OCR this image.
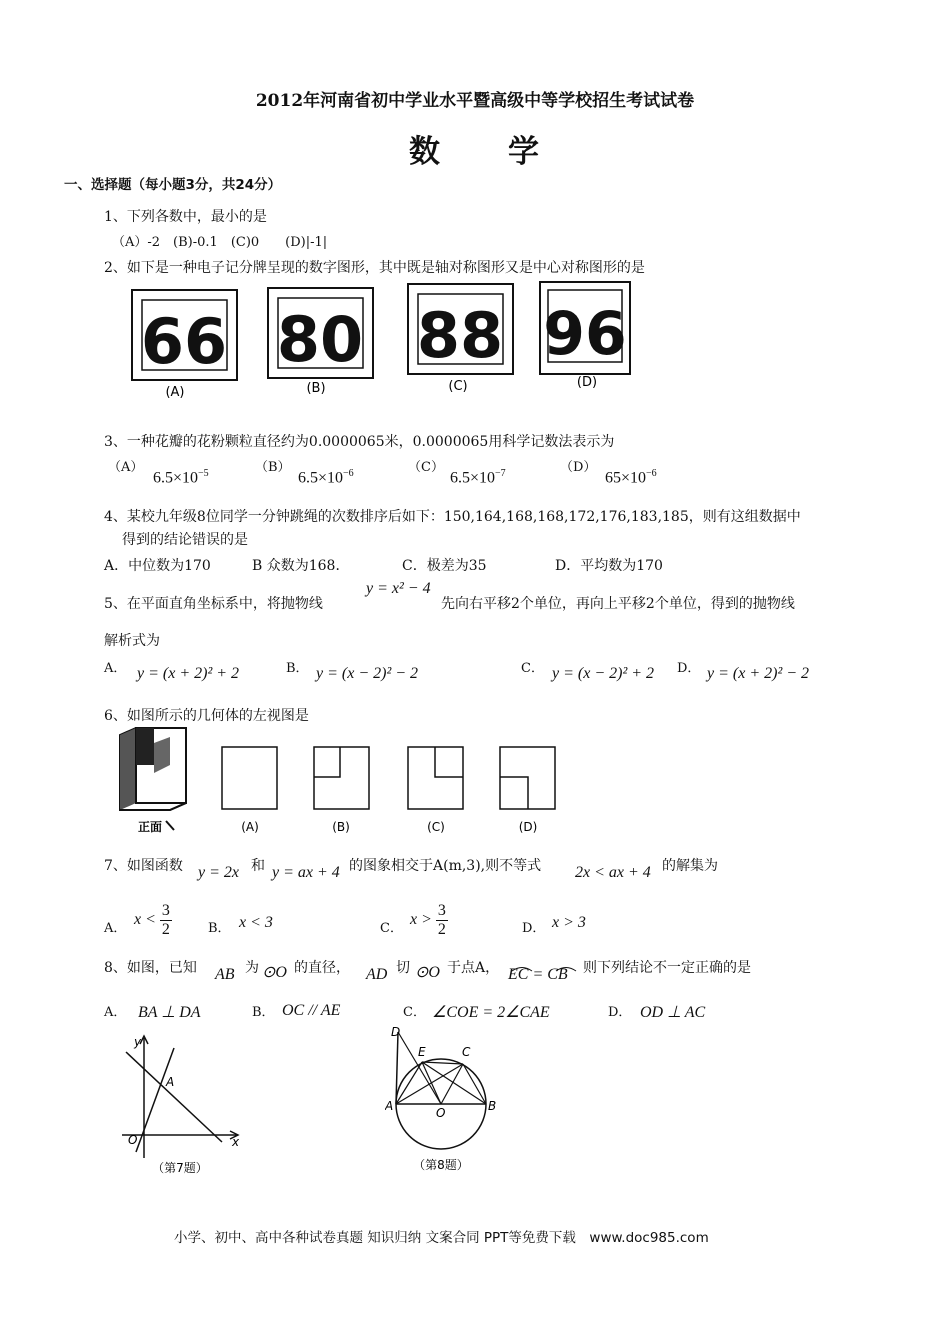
2012年河南省初中学业水平暨高级中等学校招生考试试卷
数　　学
一、选择题（每小题3分，共24分）
1、下列各数中，最小的是
（A）-2　(B)-0.1　(C)0　　(D)|-1|
2、如下是一种电子记分牌呈现的数字图形，其中既是轴对称图形又是中心对称图形的是
66
(A)
80
(B)
88
(C)
96
(D)
3、一种花瓣的花粉颗粒直径约为0.0000065米，0.0000065用科学记数法表示为
（A）
$6.5\times 10^{-5}$	（B）
$6.5\times 10^{-6}$	（C）
$6.5\times 10^{-7}$	（D）
$65\times 10^{-6}$
4、某校九年级8位同学一分钟跳绳的次数排序后如下：150,164,168,168,172,176,183,185，则有这组数据中
得到的结论错误的是
A．中位数为170	B 众数为168．	C．极差为35	D．平均数为170
5、在平面直角坐标系中，将抛物线
y = x² − 4
先向右平移2个单位，再向上平移2个单位，得到的抛物线
解析式为
A． y = (x + 2)² + 2	B． y = (x − 2)² − 2	C． y = (x − 2)² + 2 D． y = (x + 2)² − 2
6、如图所示的几何体的左视图是
正面	(A)	(B)	(C)	(D)
7、如图函数 y = 2x 和 y = ax + 4 的图象相交于A(m,3),则不等式 2x < ax + 4 的解集为
A．
$x < \frac{3}{2}$	B． x < 3	C．
$x > \frac{3}{2}$	D． x > 3
8、如图，已知 AB 为 ⊙O 的直径， AD 切 ⊙O 于点A， EC = CB 则下列结论不一定正确的是
A． BA ⊥ DA	B． OC // AE	C． ∠COE = 2∠CAE	D． OD ⊥ AC
y
x
O
A
（第7题）
D
E	C
A	O	B
（第8题）
小学、初中、高中各种试卷真题 知识归纳 文案合同 PPT等免费下载　www.doc985.com
